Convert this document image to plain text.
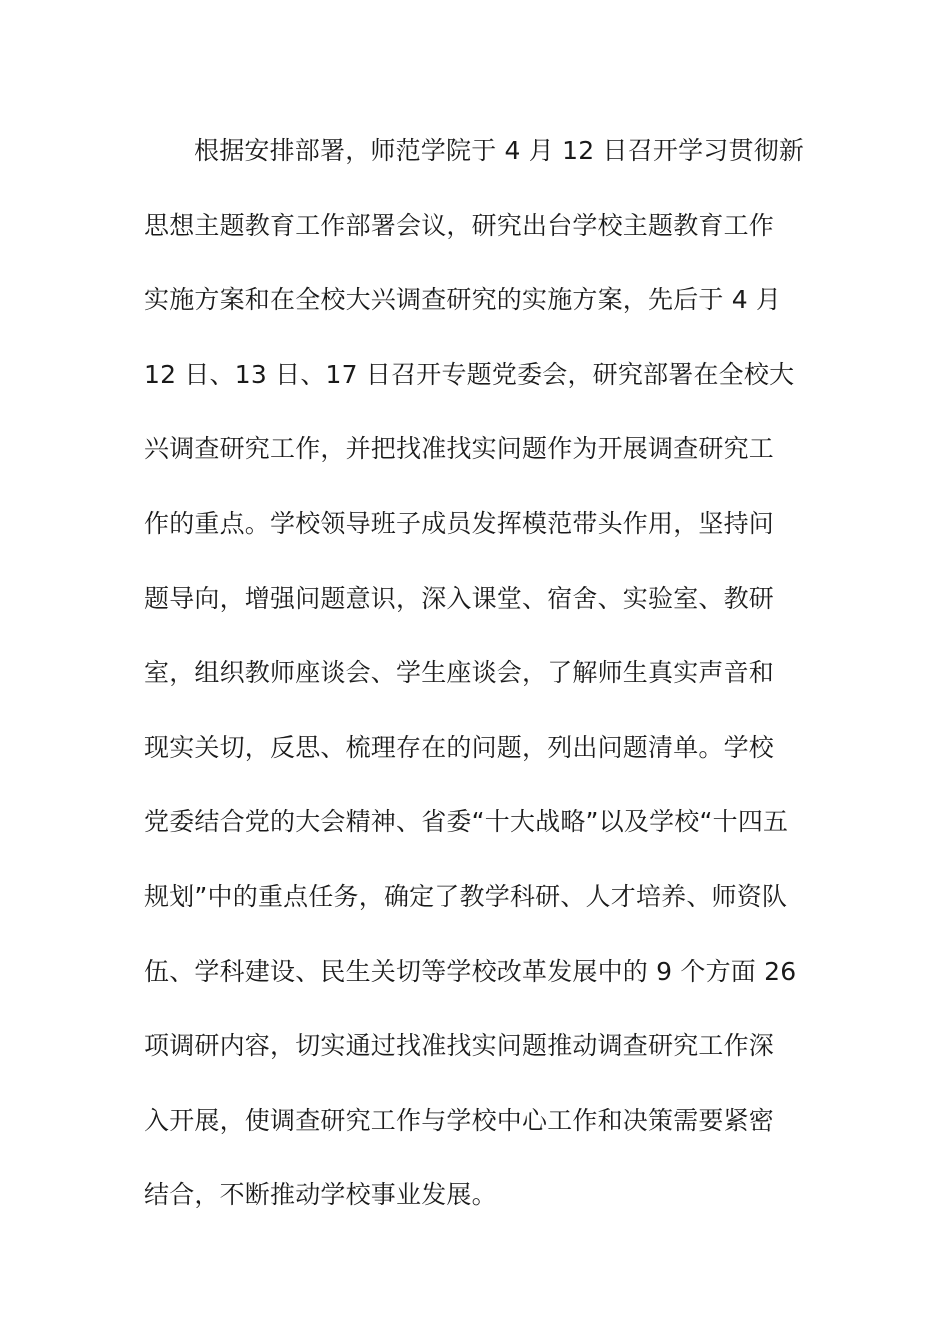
根据安排部署，师范学院于 4 月 12 日召开学习贯彻新
思想主题教育工作部署会议，研究出台学校主题教育工作
实施方案和在全校大兴调查研究的实施方案，先后于 4 月
12 日、13 日、17 日召开专题党委会，研究部署在全校大
兴调查研究工作，并把找准找实问题作为开展调查研究工
作的重点。学校领导班子成员发挥模范带头作用，坚持问
题导向，增强问题意识，深入课堂、宿舍、实验室、教研
室，组织教师座谈会、学生座谈会，了解师生真实声音和
现实关切，反思、梳理存在的问题，列出问题清单。学校
党委结合党的大会精神、省委“十大战略”以及学校“十四五
规划”中的重点任务，确定了教学科研、人才培养、师资队
伍、学科建设、民生关切等学校改革发展中的 9 个方面 26
项调研内容，切实通过找准找实问题推动调查研究工作深
入开展，使调查研究工作与学校中心工作和决策需要紧密
结合，不断推动学校事业发展。
